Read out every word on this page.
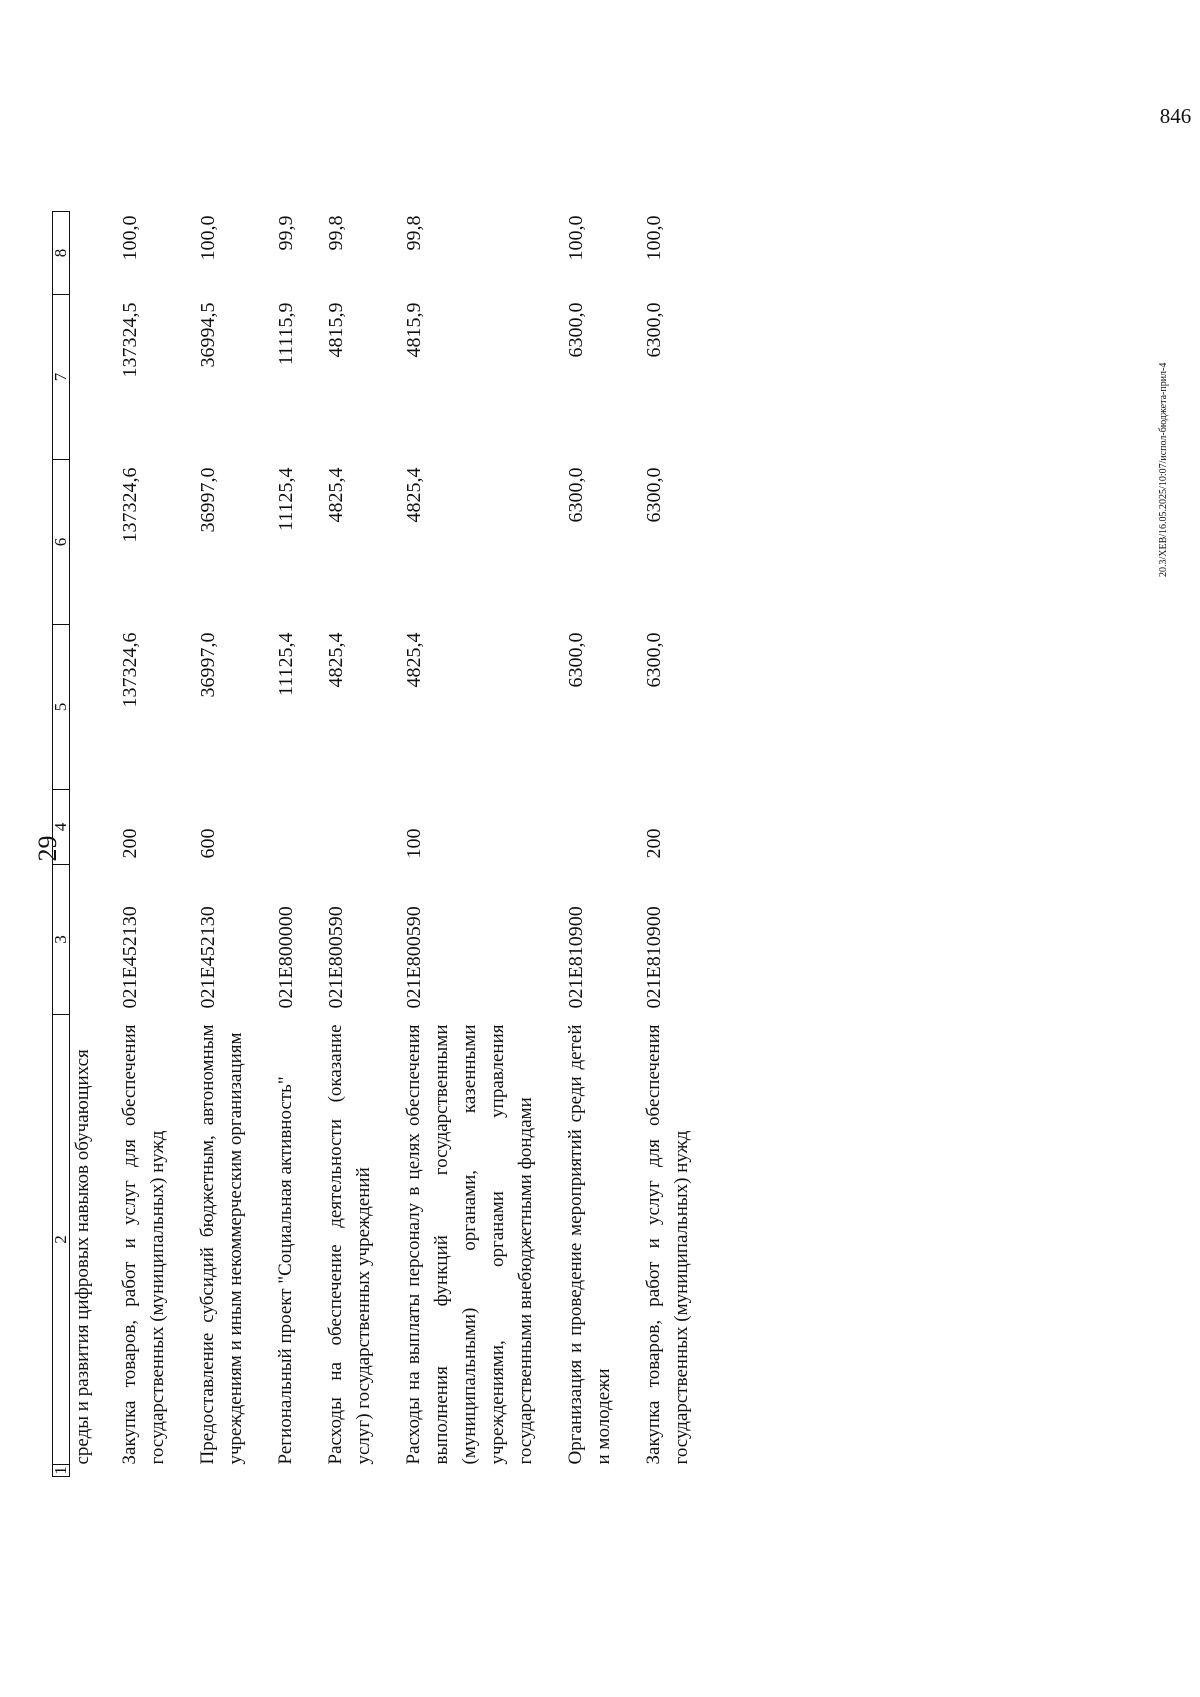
29
1	2	3	4	5	6	7	8
	среды и развития цифровых навыков обучающихся						
	Закупка товаров, работ и услуг для обеспечения государственных (муниципальных) нужд	021Е452130	200	137324,6	137324,6	137324,5	100,0
	Предоставление субсидий бюджетным, автономным учреждениям и иным некоммерческим организациям	021Е452130	600	36997,0	36997,0	36994,5	100,0
	Региональный проект "Социальная активность"	021Е800000		11125,4	11125,4	11115,9	99,9
	Расходы на обеспечение деятельности (оказание услуг) государственных учреждений	021Е800590		4825,4	4825,4	4815,9	99,8
	Расходы на выплаты персоналу в целях обеспечения выполнения функций государственными (муниципальными) органами, казенными учреждениями, органами управления государственными внебюджетными фондами	021Е800590	100	4825,4	4825,4	4815,9	99,8
	Организация и проведение мероприятий среди детей и молодежи	021Е810900		6300,0	6300,0	6300,0	100,0
	Закупка товаров, работ и услуг для обеспечения государственных (муниципальных) нужд	021Е810900	200	6300,0	6300,0	6300,0	100,0
20.3/ХЕВ/16.05.2025/10:07/испол-бюджета-прил-4
846
